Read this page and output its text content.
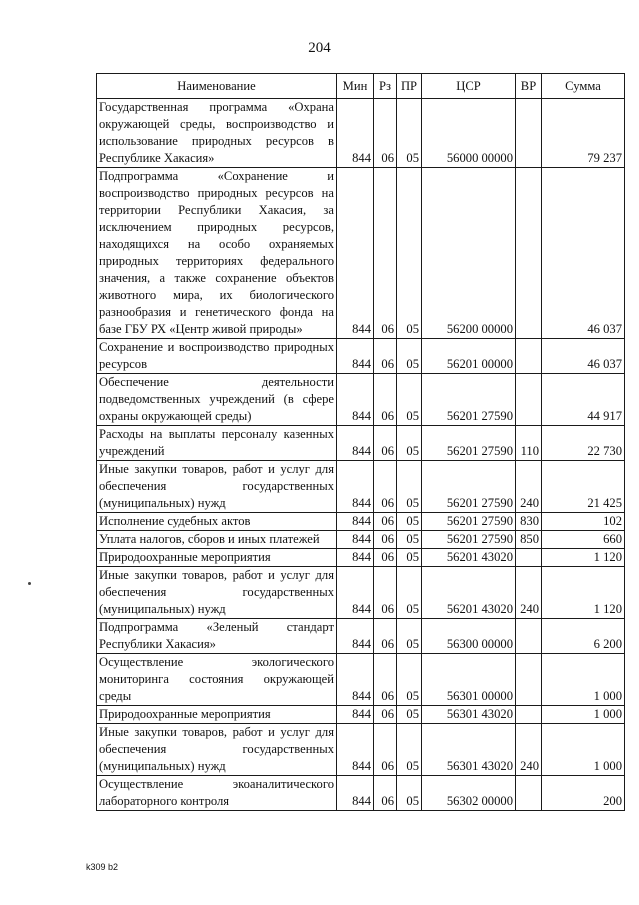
204
Наименование	Мин	Рз	ПР	ЦСР	ВР	Сумма
Государственная программа «Охрана окружающей среды, воспроизводство и использование природных ресурсов в Республике Хакасия»	844	06	05	56000 00000		79 237
Подпрограмма «Сохранение и воспроизводство природных ресурсов на территории Республики Хакасия, за исключением природных ресурсов, находящихся на особо охраняемых природных территориях федерального значения, а также сохранение объектов животного мира, их биологического разнообразия и генетического фонда на базе ГБУ РХ «Центр живой природы»	844	06	05	56200 00000		46 037
Сохранение и воспроизводство природных ресурсов	844	06	05	56201 00000		46 037
Обеспечение деятельности подведомственных учреждений (в сфере охраны окружающей среды)	844	06	05	56201 27590		44 917
Расходы на выплаты персоналу казенных учреждений	844	06	05	56201 27590	110	22 730
Иные закупки товаров, работ и услуг для обеспечения государственных (муниципальных) нужд	844	06	05	56201 27590	240	21 425
Исполнение судебных актов	844	06	05	56201 27590	830	102
Уплата налогов, сборов и иных платежей	844	06	05	56201 27590	850	660
Природоохранные мероприятия	844	06	05	56201 43020		1 120
Иные закупки товаров, работ и услуг для обеспечения государственных (муниципальных) нужд	844	06	05	56201 43020	240	1 120
Подпрограмма «Зеленый стандарт Республики Хакасия»	844	06	05	56300 00000		6 200
Осуществление экологического мониторинга состояния окружающей среды	844	06	05	56301 00000		1 000
Природоохранные мероприятия	844	06	05	56301 43020		1 000
Иные закупки товаров, работ и услуг для обеспечения государственных (муниципальных) нужд	844	06	05	56301 43020	240	1 000
Осуществление экоаналитического лабораторного контроля	844	06	05	56302 00000		200
k309 b2
